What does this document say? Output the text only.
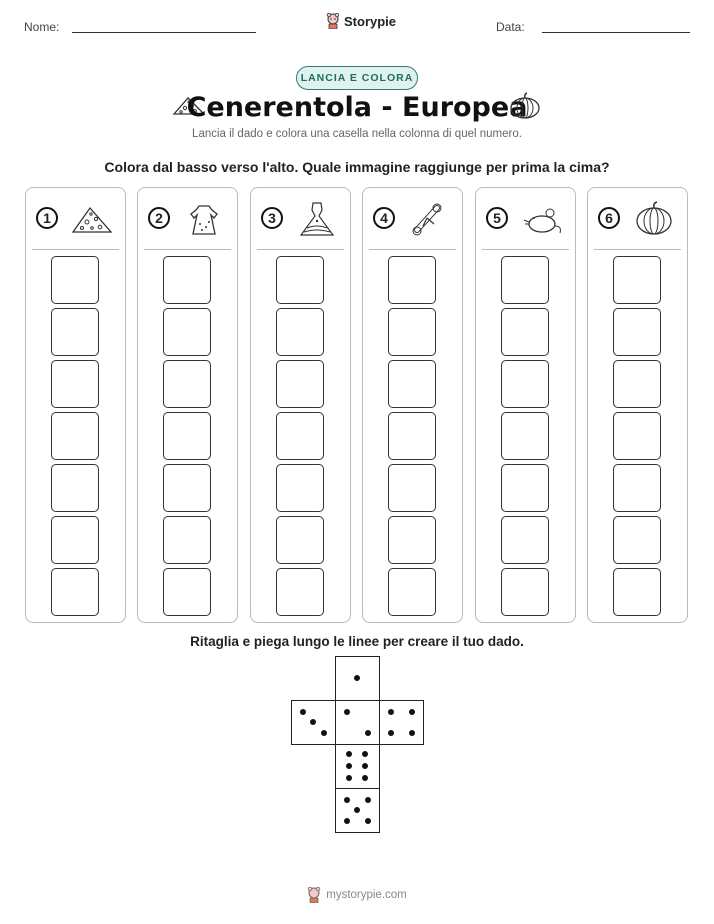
Nome:	Storypie	Data:
LANCIA E COLORA
Cenerentola - Europea
Lancia il dado e colora una casella nella colonna di quel numero.
Colora dal basso verso l'alto. Quale immagine raggiunge per prima la cima?
1	2	3	4	5	6
Ritaglia e piega lungo le linee per creare il tuo dado.
mystorypie.com
